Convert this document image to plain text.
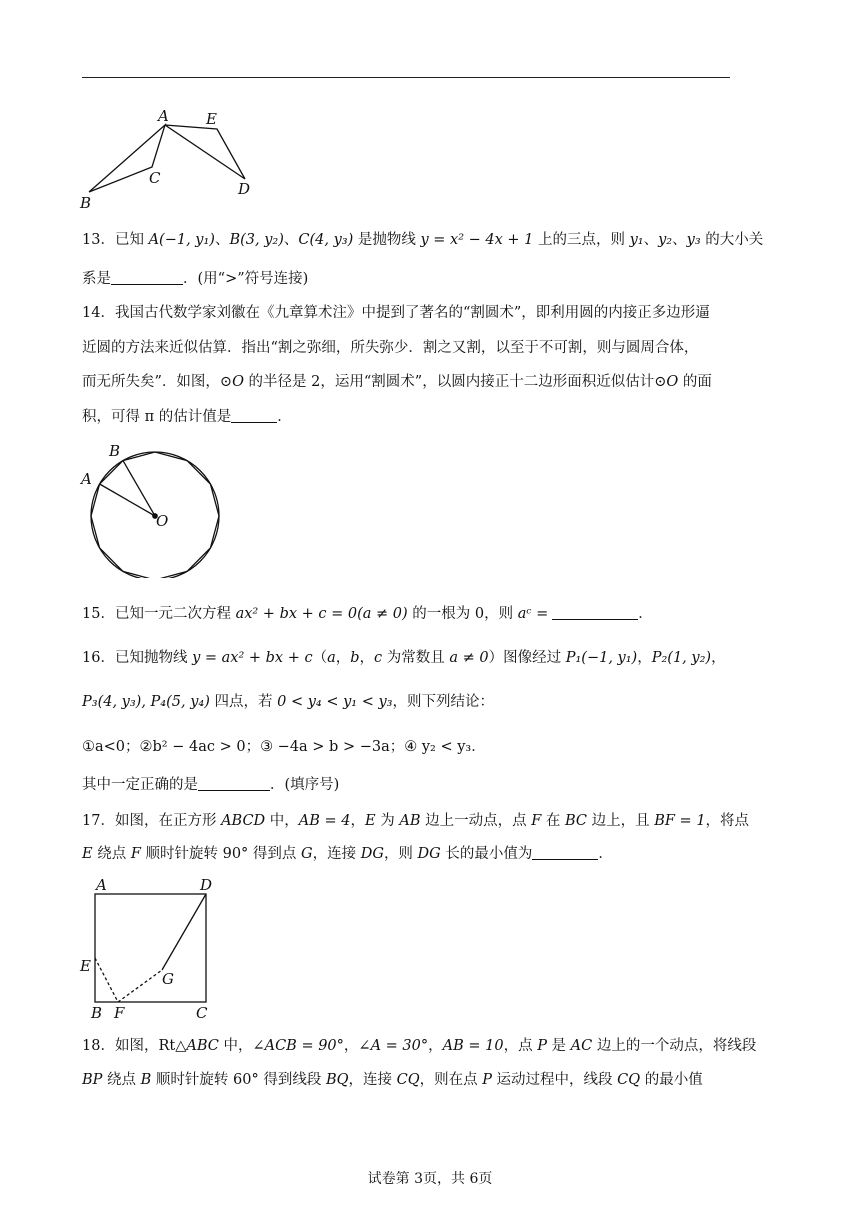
A E
C
D
B
13．已知 A(−1, y₁)、B(3, y₂)、C(4, y₃) 是抛物线 y = x² − 4x + 1 上的三点，则 y₁、y₂、y₃ 的大小关
系是	．(用“>”符号连接)
14．我国古代数学家刘徽在《九章算术注》中提到了著名的“割圆术”，即利用圆的内接正多边形逼
近圆的方法来近似估算．指出“割之弥细，所失弥少．割之又割，以至于不可割，则与圆周合体，
而无所失矣”．如图，⊙O 的半径是 2，运用“割圆术”，以圆内接正十二边形面积近似估计⊙O 的面
积，可得 π 的估计值是	．
B
A
O
15．已知一元二次方程 ax² + bx + c = 0(a ≠ 0) 的一根为 0，则 aᶜ =	．
16．已知抛物线 y = ax² + bx + c（a，b，c 为常数且 a ≠ 0）图像经过 P₁(−1, y₁)，P₂(1, y₂)，
P₃(4, y₃), P₄(5, y₄) 四点，若 0 < y₄ < y₁ < y₃，则下列结论：
①a<0；②b² − 4ac > 0；③ −4a > b > −3a；④ y₂ < y₃．
其中一定正确的是	．(填序号)
17．如图，在正方形 ABCD 中，AB = 4，E 为 AB 边上一动点，点 F 在 BC 边上，且 BF = 1，将点
E 绕点 F 顺时针旋转 90° 得到点 G，连接 DG，则 DG 长的最小值为	．
A	D
E
G
B F	C
18．如图，Rt△ABC 中，∠ACB = 90°，∠A = 30°，AB = 10，点 P 是 AC 边上的一个动点，将线段
BP 绕点 B 顺时针旋转 60° 得到线段 BQ，连接 CQ，则在点 P 运动过程中，线段 CQ 的最小值
试卷第 3页，共 6页
